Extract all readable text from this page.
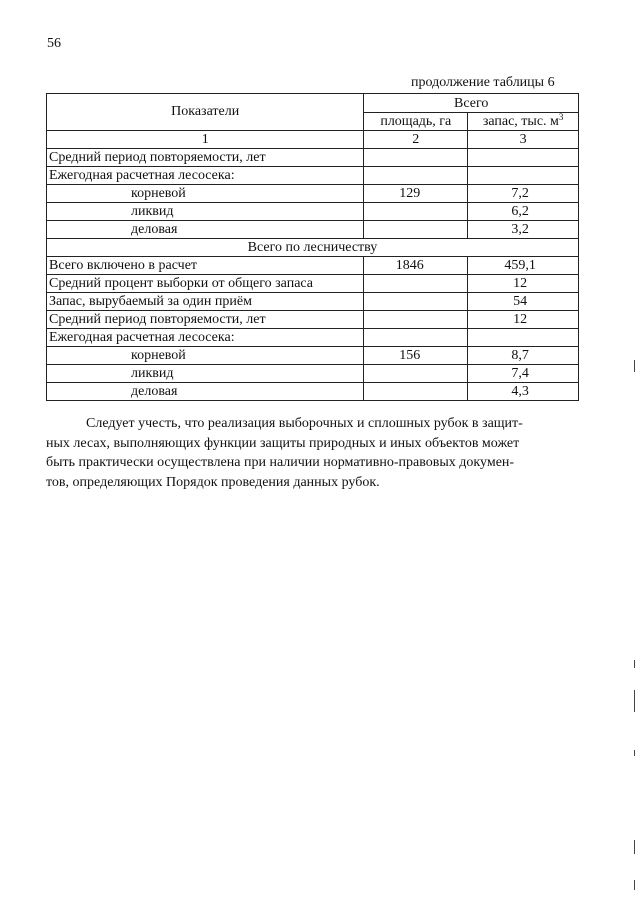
56
продолжение таблицы 6
Показатели	Всего	
	площадь, га	запас, тыс. $м^3$
1	2	3
Средний период повторяемости, лет		
Ежегодная расчетная лесосека:		
корневой	129	7,2
ликвид		6,2
деловая		3,2
Всего по лесничеству		
Всего включено в расчет	1846	459,1
Средний процент выборки от общего запаса		12
Запас, вырубаемый за один приём		54
Средний период повторяемости, лет		12
Ежегодная расчетная лесосека:		
корневой	156	8,7
ликвид		7,4
деловая		4,3

Следует учесть, что реализация выборочных и сплошных рубок в защит-
ных лесах, выполняющих функции защиты природных и иных объектов может
быть практически осуществлена при наличии нормативно-правовых докумен-
тов, определяющих Порядок проведения данных рубок.
